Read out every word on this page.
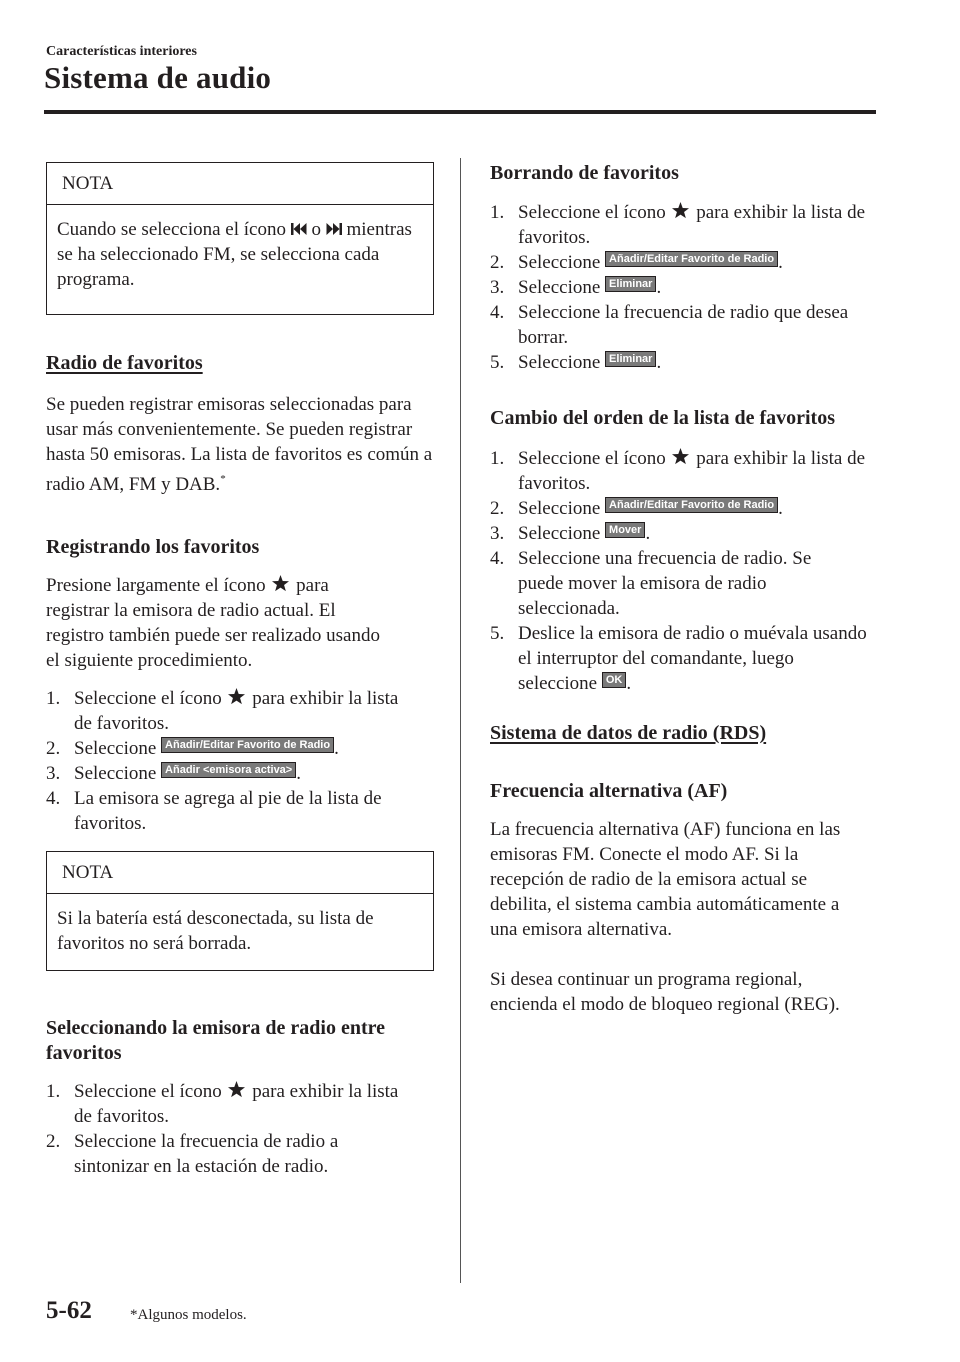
Características interiores
Sistema de audio
NOTA
Cuando se selecciona el ícono o mientras se ha seleccionado FM, se selecciona cada programa.
Radio de favoritos
Se pueden registrar emisoras seleccionadas para usar más convenientemente. Se pueden registrar hasta 50 emisoras. La lista de favoritos es común a radio AM, FM y DAB.*
Registrando los favoritos
Presione largamente el ícono para registrar la emisora de radio actual. El registro también puede ser realizado usando el siguiente procedimiento.
1. Seleccione el ícono para exhibir la lista de favoritos.
2. Seleccione Añadir/Editar Favorito de Radio .
3. Seleccione Añadir <emisora activa> .
4. La emisora se agrega al pie de la lista de favoritos.
NOTA
Si la batería está desconectada, su lista de favoritos no será borrada.
Seleccionando la emisora de radio entre favoritos
1. Seleccione el ícono para exhibir la lista de favoritos.
2. Seleccione la frecuencia de radio a sintonizar en la estación de radio.
Borrando de favoritos
1. Seleccione el ícono para exhibir la lista de favoritos.
2. Seleccione Añadir/Editar Favorito de Radio .
3. Seleccione Eliminar .
4. Seleccione la frecuencia de radio que desea borrar.
5. Seleccione Eliminar .
Cambio del orden de la lista de favoritos
1. Seleccione el ícono para exhibir la lista de favoritos.
2. Seleccione Añadir/Editar Favorito de Radio .
3. Seleccione Mover .
4. Seleccione una frecuencia de radio. Se puede mover la emisora de radio seleccionada.
5. Deslice la emisora de radio o muévala usando el interruptor del comandante, luego seleccione OK .
Sistema de datos de radio (RDS)
Frecuencia alternativa (AF)
La frecuencia alternativa (AF) funciona en las emisoras FM. Conecte el modo AF. Si la recepción de radio de la emisora actual se debilita, el sistema cambia automáticamente a una emisora alternativa.
Si desea continuar un programa regional, encienda el modo de bloqueo regional (REG).
5-62	*Algunos modelos.
